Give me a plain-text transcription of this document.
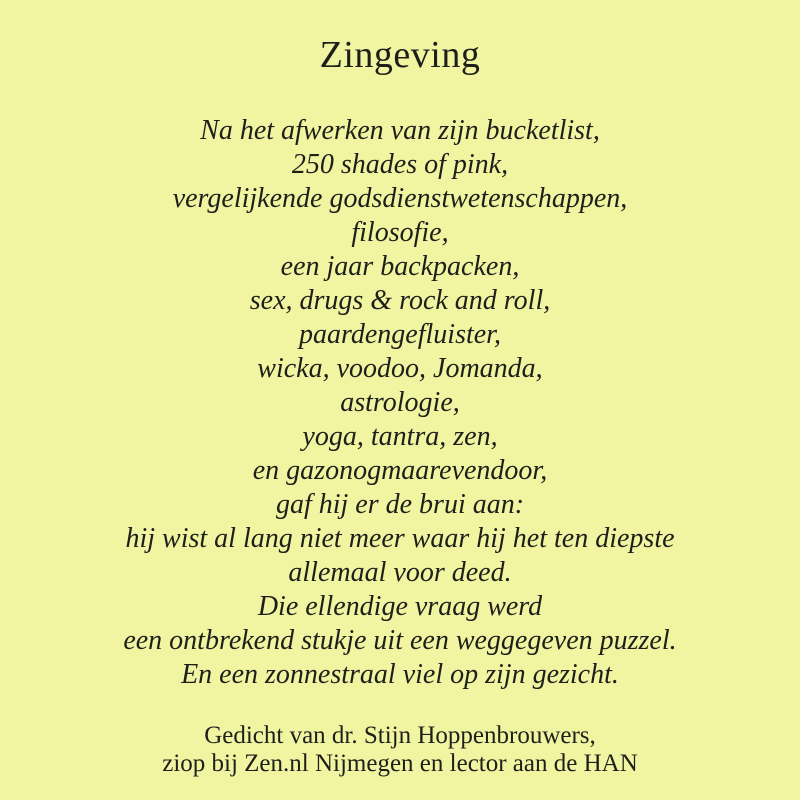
Zingeving
Na het afwerken van zijn bucketlist,
250 shades of pink,
vergelijkende godsdienstwetenschappen,
filosofie,
een jaar backpacken,
sex, drugs & rock and roll,
paardengefluister,
wicka, voodoo, Jomanda,
astrologie,
yoga, tantra, zen,
en gazonogmaarevendoor,
gaf hij er de brui aan:
hij wist al lang niet meer waar hij het ten diepste
allemaal voor deed.
Die ellendige vraag werd
een ontbrekend stukje uit een weggegeven puzzel.
En een zonnestraal viel op zijn gezicht.
Gedicht van dr. Stijn Hoppenbrouwers,
ziop bij Zen.nl Nijmegen en lector aan de HAN
